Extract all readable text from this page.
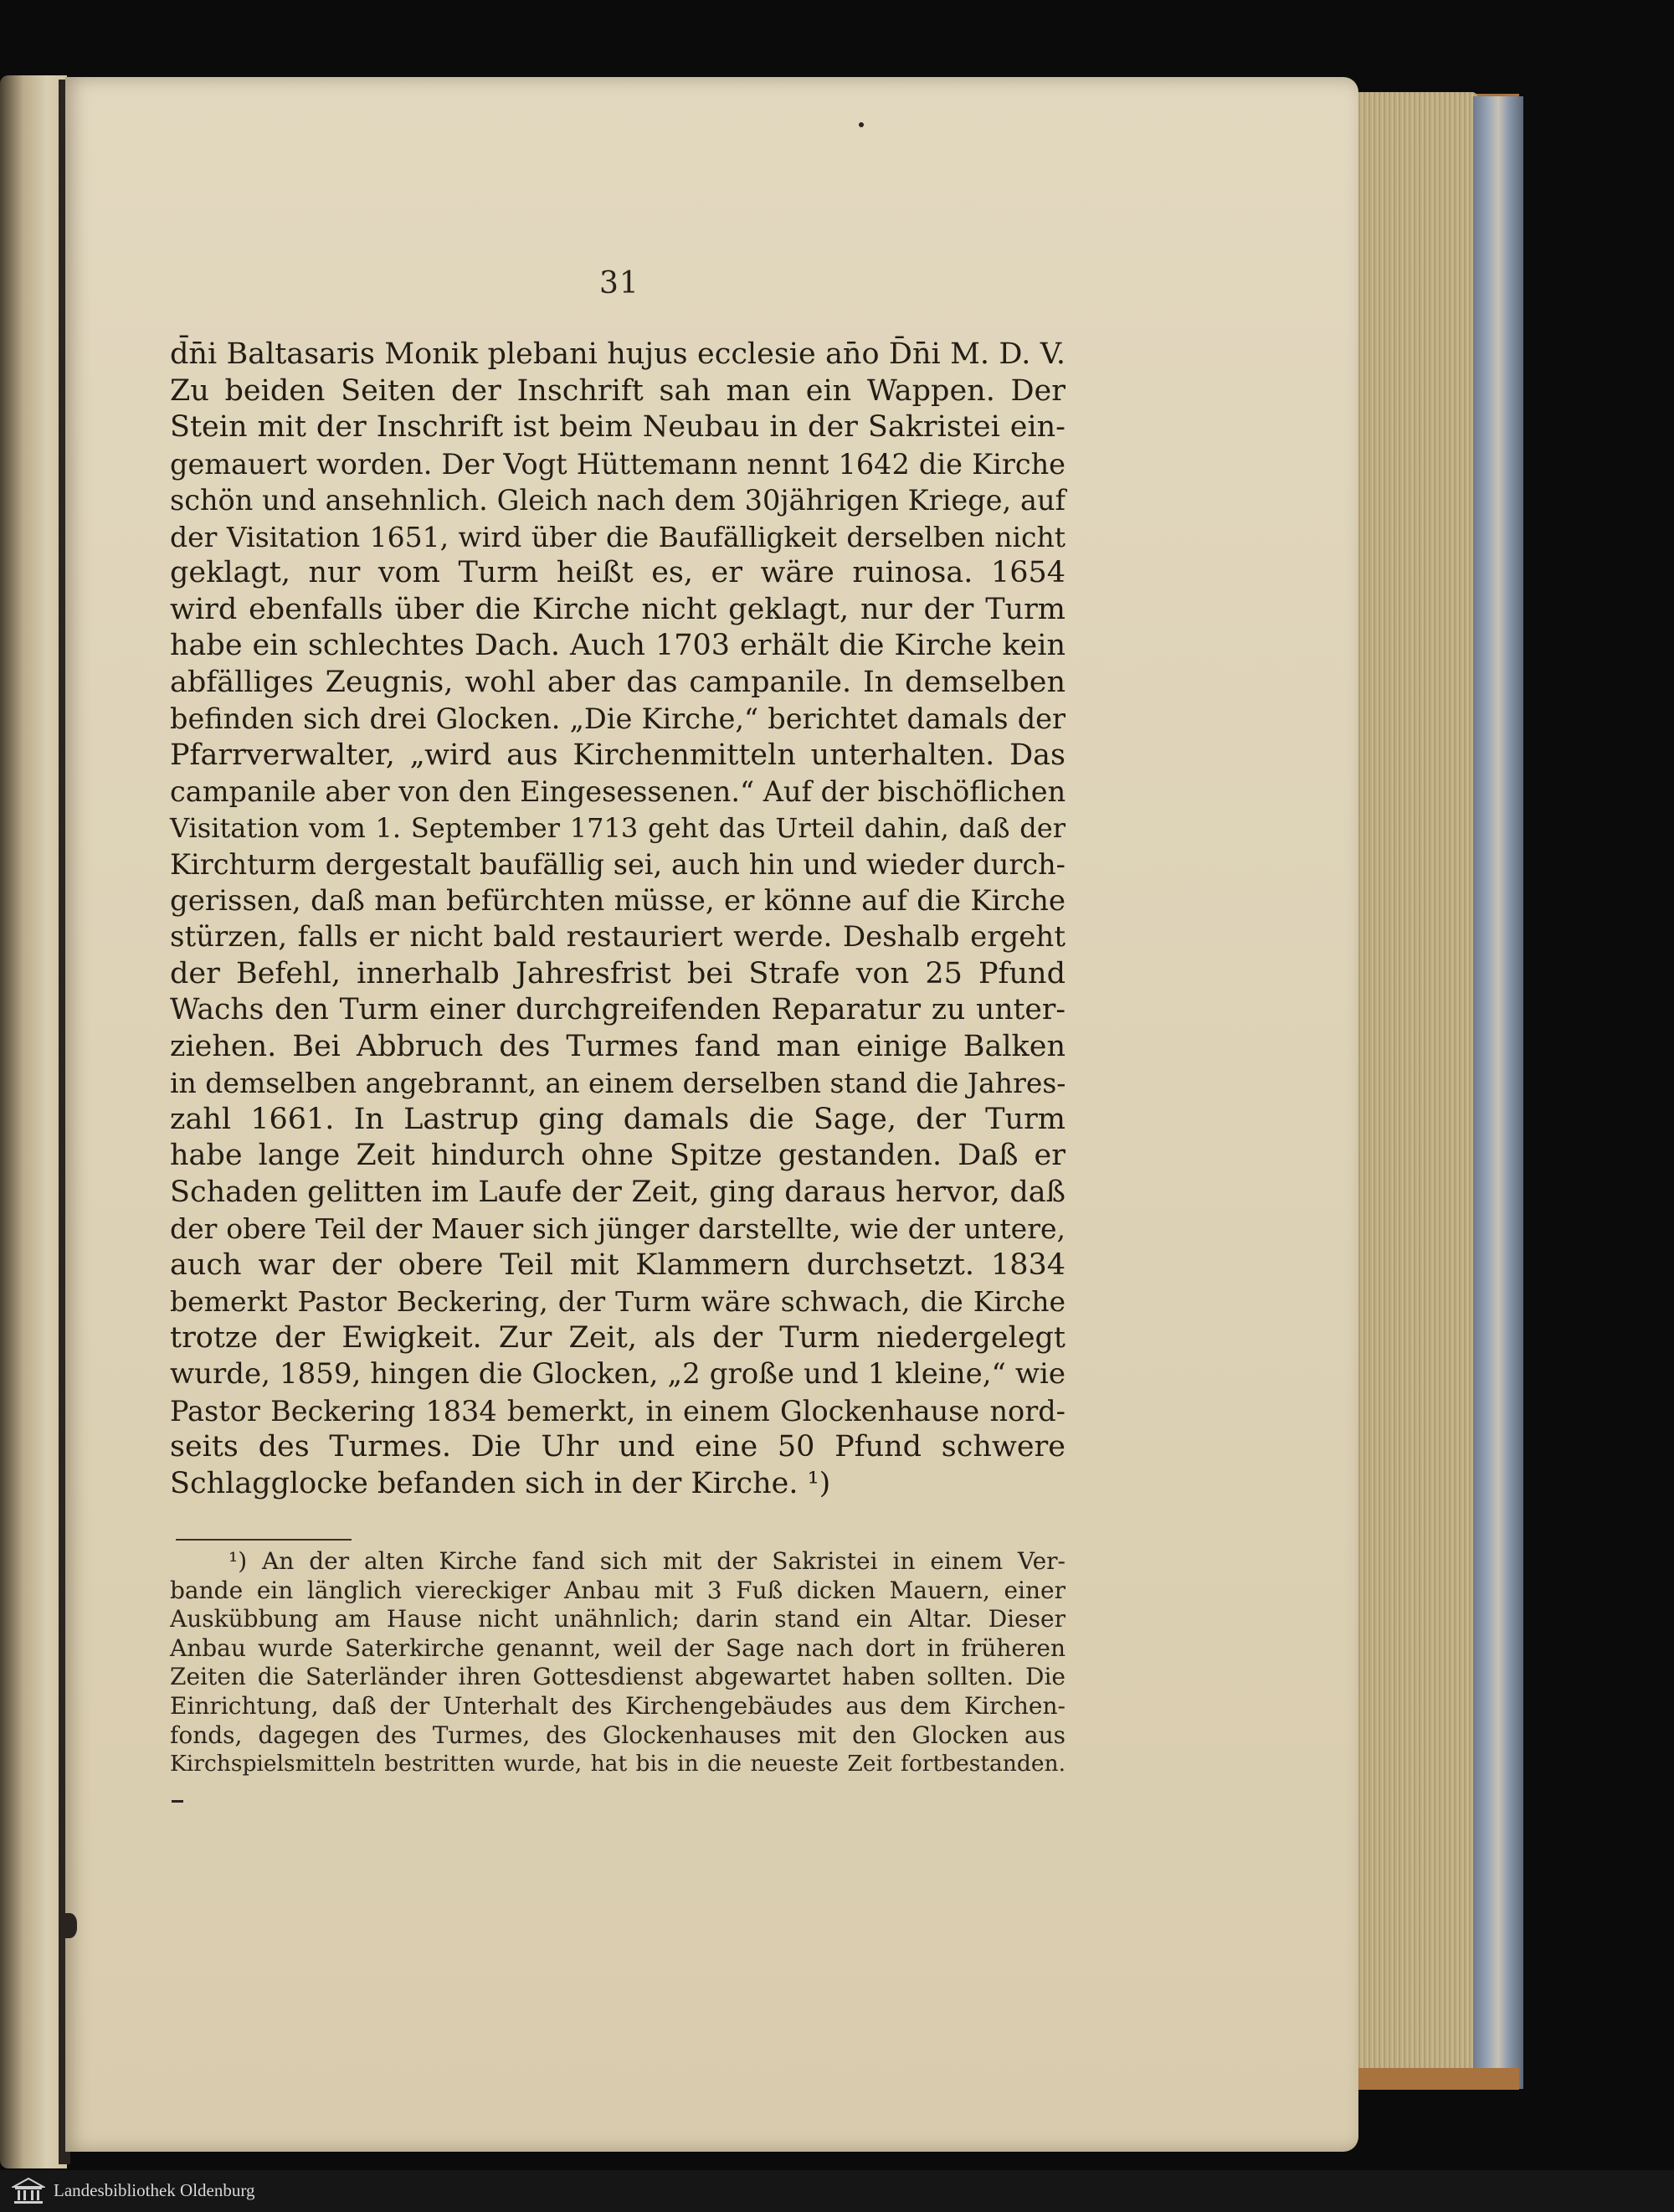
31
d̄n̄i Baltasaris Monik plebani hujus ecclesie an̄o D̄n̄i M. D. V.
Zu beiden Seiten der Inschrift sah man ein Wappen. Der
Stein mit der Inschrift ist beim Neubau in der Sakristei ein-
gemauert worden. Der Vogt Hüttemann nennt 1642 die Kirche
schön und ansehnlich. Gleich nach dem 30jährigen Kriege, auf
der Visitation 1651, wird über die Baufälligkeit derselben nicht
geklagt, nur vom Turm heißt es, er wäre ruinosa. 1654
wird ebenfalls über die Kirche nicht geklagt, nur der Turm
habe ein schlechtes Dach. Auch 1703 erhält die Kirche kein
abfälliges Zeugnis, wohl aber das campanile. In demselben
befinden sich drei Glocken. „Die Kirche,“ berichtet damals der
Pfarrverwalter, „wird aus Kirchenmitteln unterhalten. Das
campanile aber von den Eingesessenen.“ Auf der bischöflichen
Visitation vom 1. September 1713 geht das Urteil dahin, daß der
Kirchturm dergestalt baufällig sei, auch hin und wieder durch-
gerissen, daß man befürchten müsse, er könne auf die Kirche
stürzen, falls er nicht bald restauriert werde. Deshalb ergeht
der Befehl, innerhalb Jahresfrist bei Strafe von 25 Pfund
Wachs den Turm einer durchgreifenden Reparatur zu unter-
ziehen. Bei Abbruch des Turmes fand man einige Balken
in demselben angebrannt, an einem derselben stand die Jahres-
zahl 1661. In Lastrup ging damals die Sage, der Turm
habe lange Zeit hindurch ohne Spitze gestanden. Daß er
Schaden gelitten im Laufe der Zeit, ging daraus hervor, daß
der obere Teil der Mauer sich jünger darstellte, wie der untere,
auch war der obere Teil mit Klammern durchsetzt. 1834
bemerkt Pastor Beckering, der Turm wäre schwach, die Kirche
trotze der Ewigkeit. Zur Zeit, als der Turm niedergelegt
wurde, 1859, hingen die Glocken, „2 große und 1 kleine,“ wie
Pastor Beckering 1834 bemerkt, in einem Glockenhause nord-
seits des Turmes. Die Uhr und eine 50 Pfund schwere
Schlagglocke befanden sich in der Kirche. ¹)
¹) An der alten Kirche fand sich mit der Sakristei in einem Ver-
bande ein länglich viereckiger Anbau mit 3 Fuß dicken Mauern, einer
Auskübbung am Hause nicht unähnlich; darin stand ein Altar. Dieser
Anbau wurde Saterkirche genannt, weil der Sage nach dort in früheren
Zeiten die Saterländer ihren Gottesdienst abgewartet haben sollten. Die
Einrichtung, daß der Unterhalt des Kirchengebäudes aus dem Kirchen-
fonds, dagegen des Turmes, des Glockenhauses mit den Glocken aus
Kirchspielsmitteln bestritten wurde, hat bis in die neueste Zeit fortbestanden.
Landesbibliothek Oldenburg
